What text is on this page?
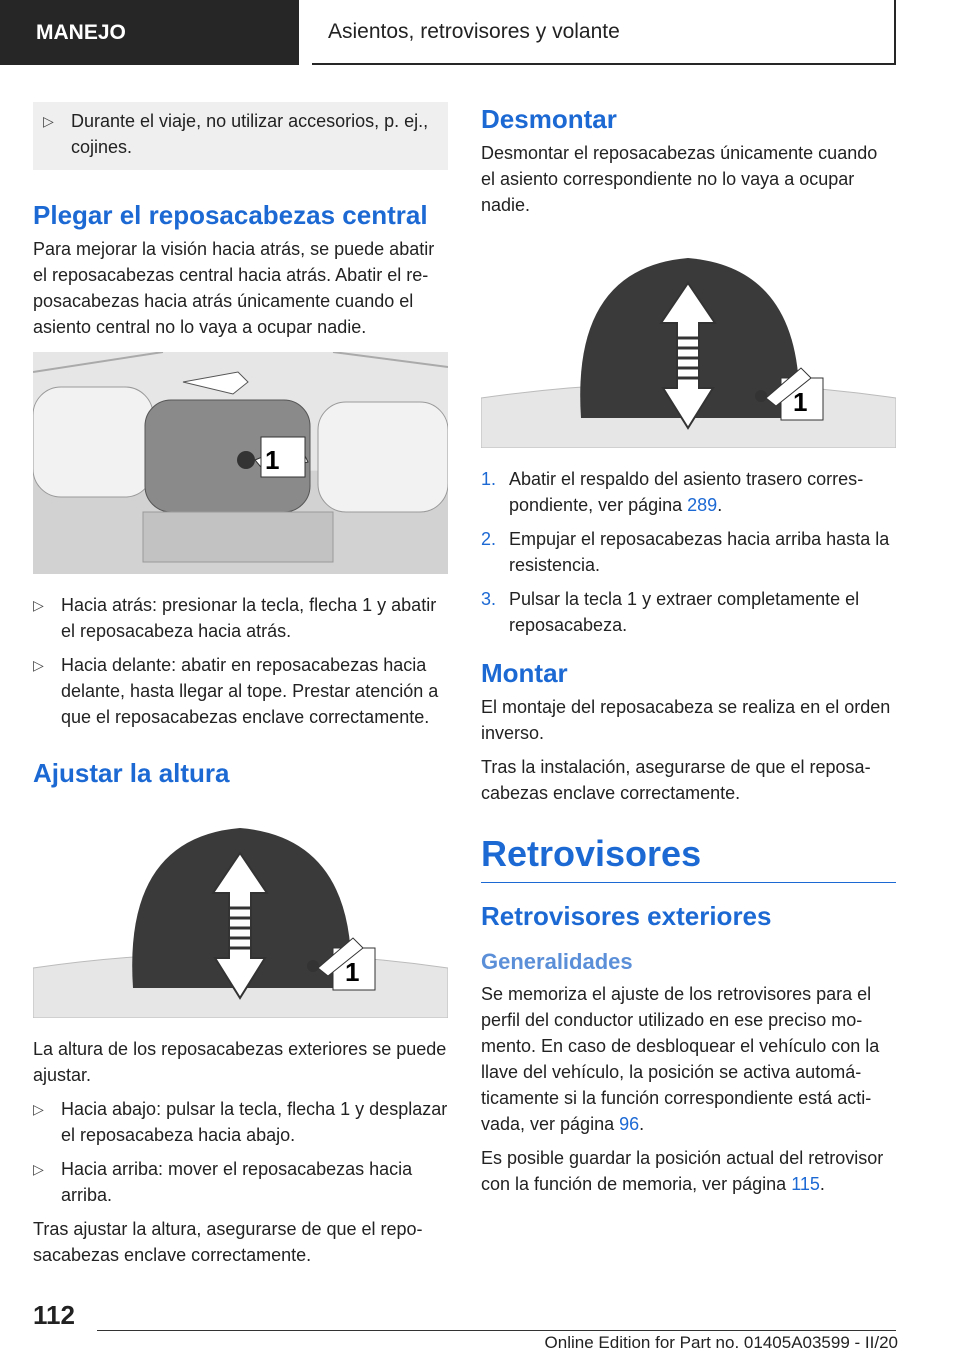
MANEJO	Asientos, retrovisores y volante
▷ Durante el viaje, no utilizar accesorios, p. ej., cojines.
Plegar el reposacabezas central

Para mejorar la visión hacia atrás, se puede abatir el reposacabezas central hacia atrás. Abatir el reposacabezas hacia atrás únicamente cuando el asiento central no lo vaya a ocupar nadie.

1
▷ Hacia atrás: presionar la tecla, flecha 1 y abatir el reposacabeza hacia atrás.
▷ Hacia delante: abatir en reposacabezas hacia delante, hasta llegar al tope. Prestar atención a que el reposacabezas enclave correctamente.
Ajustar la altura
1

La altura de los reposacabezas exteriores se puede ajustar.

▷ Hacia abajo: pulsar la tecla, flecha 1 y desplazar el reposacabeza hacia abajo.
▷ Hacia arriba: mover el reposacabezas hacia arriba.

Tras ajustar la altura, asegurarse de que el reposacabezas enclave correctamente.

Desmontar

Desmontar el reposacabezas únicamente cuando el asiento correspondiente no lo vaya a ocupar nadie.

1
1. Abatir el respaldo del asiento trasero correspondiente, ver página 289.
2. Empujar el reposacabezas hacia arriba hasta la resistencia.
3. Pulsar la tecla 1 y extraer completamente el reposacabeza.
Montar

El montaje del reposacabeza se realiza en el orden inverso.

Tras la instalación, asegurarse de que el reposacabezas enclave correctamente.

Retrovisores
Retrovisores exteriores
Generalidades

Se memoriza el ajuste de los retrovisores para el perfil del conductor utilizado en ese preciso momento. En caso de desbloquear el vehículo con la llave del vehículo, la posición se activa automáticamente si la función correspondiente está activada, ver página 96.

Es posible guardar la posición actual del retrovisor con la función de memoria, ver página 115.

112
Online Edition for Part no. 01405A03599 - II/20
